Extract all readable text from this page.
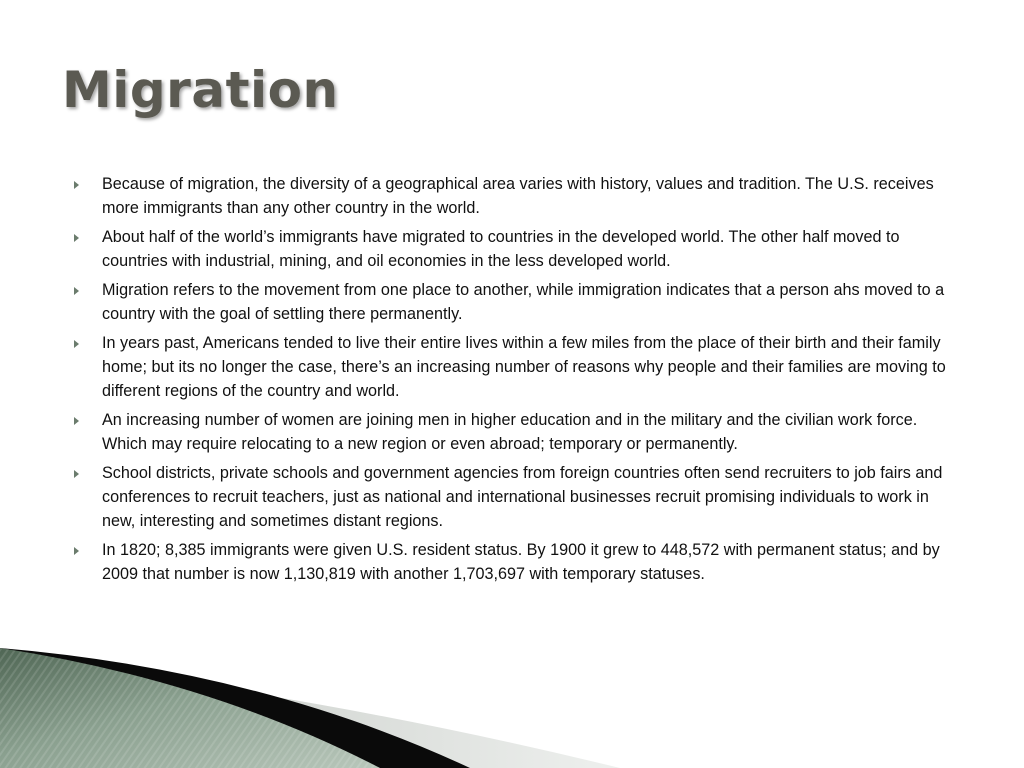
Migration
Because of migration, the diversity of a geographical area varies with history, values and tradition. The U.S. receives more immigrants than any other country in the world.
About half of the world’s immigrants have migrated to countries in the developed world. The other half moved to countries with industrial, mining, and oil economies in the less developed world.
Migration refers to the movement from one place to another, while immigration indicates that a person ahs moved to a country with the goal of settling there permanently.
In years past, Americans tended to live their entire lives within a few miles from the place of their birth and their family home; but its no longer the case, there’s an increasing number of reasons why people and their families are moving to different regions of the country and world.
An increasing number of women are joining men in higher education and in the military and the civilian work force. Which may require relocating to a new region or even abroad; temporary or permanently.
School districts, private schools and government agencies from foreign countries often send recruiters to job fairs and conferences to recruit teachers, just as national and international businesses recruit promising individuals to work in new, interesting and sometimes distant regions.
In 1820; 8,385 immigrants were given U.S. resident status. By 1900 it grew to 448,572 with permanent status; and by 2009 that number is now 1,130,819 with another 1,703,697 with temporary statuses.
